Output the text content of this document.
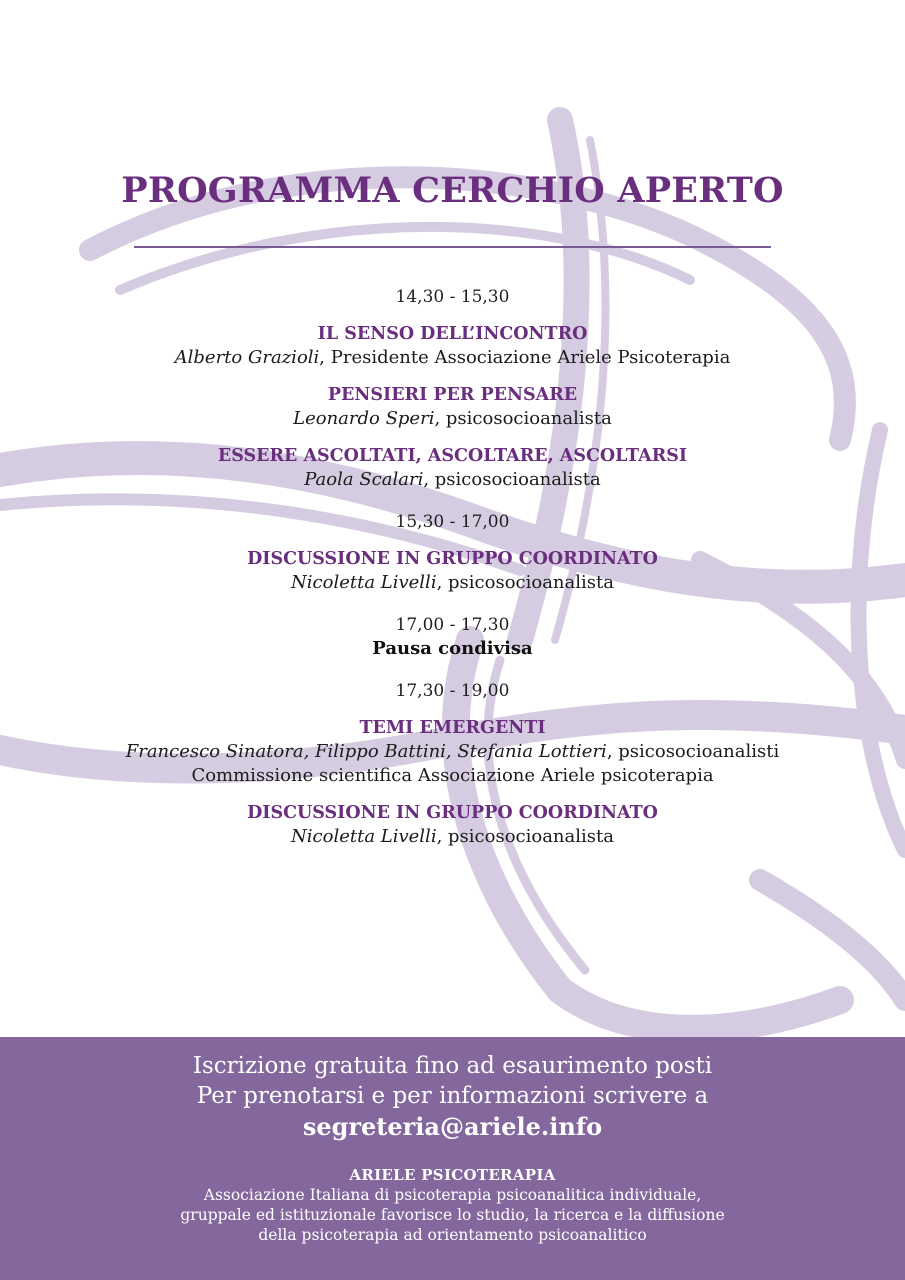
PROGRAMMA CERCHIO APERTO
14,30 - 15,30
IL SENSO DELL’INCONTRO
Alberto Grazioli, Presidente Associazione Ariele Psicoterapia
PENSIERI PER PENSARE
Leonardo Speri, psicosocioanalista
ESSERE ASCOLTATI, ASCOLTARE, ASCOLTARSI
Paola Scalari, psicosocioanalista
15,30 - 17,00
DISCUSSIONE IN GRUPPO COORDINATO
Nicoletta Livelli, psicosocioanalista
17,00 - 17,30
Pausa condivisa
17,30 - 19,00
TEMI EMERGENTI
Francesco Sinatora, Filippo Battini, Stefania Lottieri, psicosocioanalisti
Commissione scientifica Associazione Ariele psicoterapia
DISCUSSIONE IN GRUPPO COORDINATO
Nicoletta Livelli, psicosocioanalista
Iscrizione gratuita fino ad esaurimento posti
Per prenotarsi e per informazioni scrivere a
segreteria@ariele.info
ARIELE PSICOTERAPIA
Associazione Italiana di psicoterapia psicoanalitica individuale,
gruppale ed istituzionale favorisce lo studio, la ricerca e la diffusione
della psicoterapia ad orientamento psicoanalitico
